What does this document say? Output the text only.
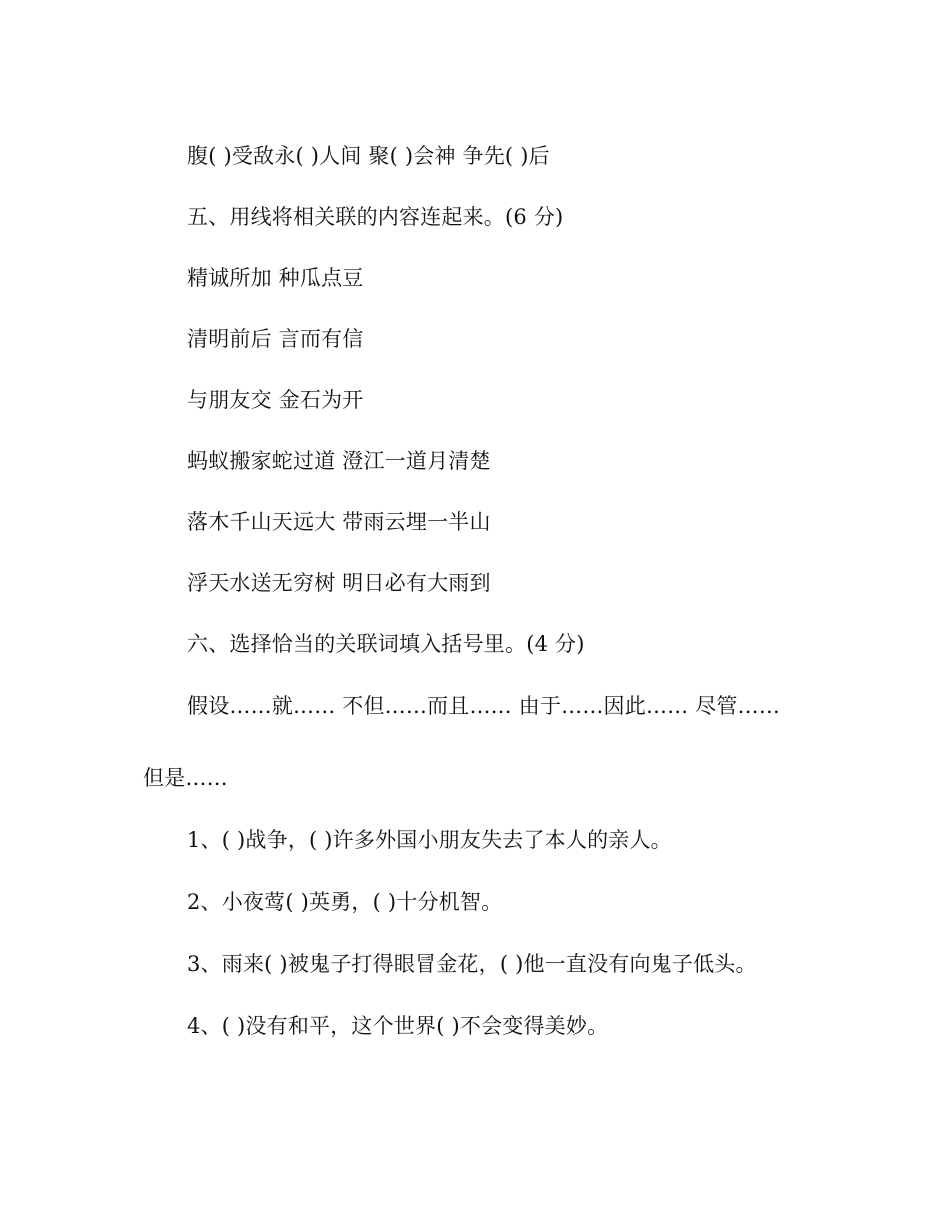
腹( )受敌永( )人间 聚( )会神 争先( )后
五、用线将相关联的内容连起来。(6 分)
精诚所加 种瓜点豆
清明前后 言而有信
与朋友交 金石为开
蚂蚁搬家蛇过道 澄江一道月清楚
落木千山天远大 带雨云埋一半山
浮天水送无穷树 明日必有大雨到
六、选择恰当的关联词填入括号里。(4 分)
假设……就…… 不但……而且…… 由于……因此…… 尽管……
但是……
1、( )战争，( )许多外国小朋友失去了本人的亲人。
2、小夜莺( )英勇，( )十分机智。
3、雨来( )被鬼子打得眼冒金花，( )他一直没有向鬼子低头。
4、( )没有和平，这个世界( )不会变得美妙。
